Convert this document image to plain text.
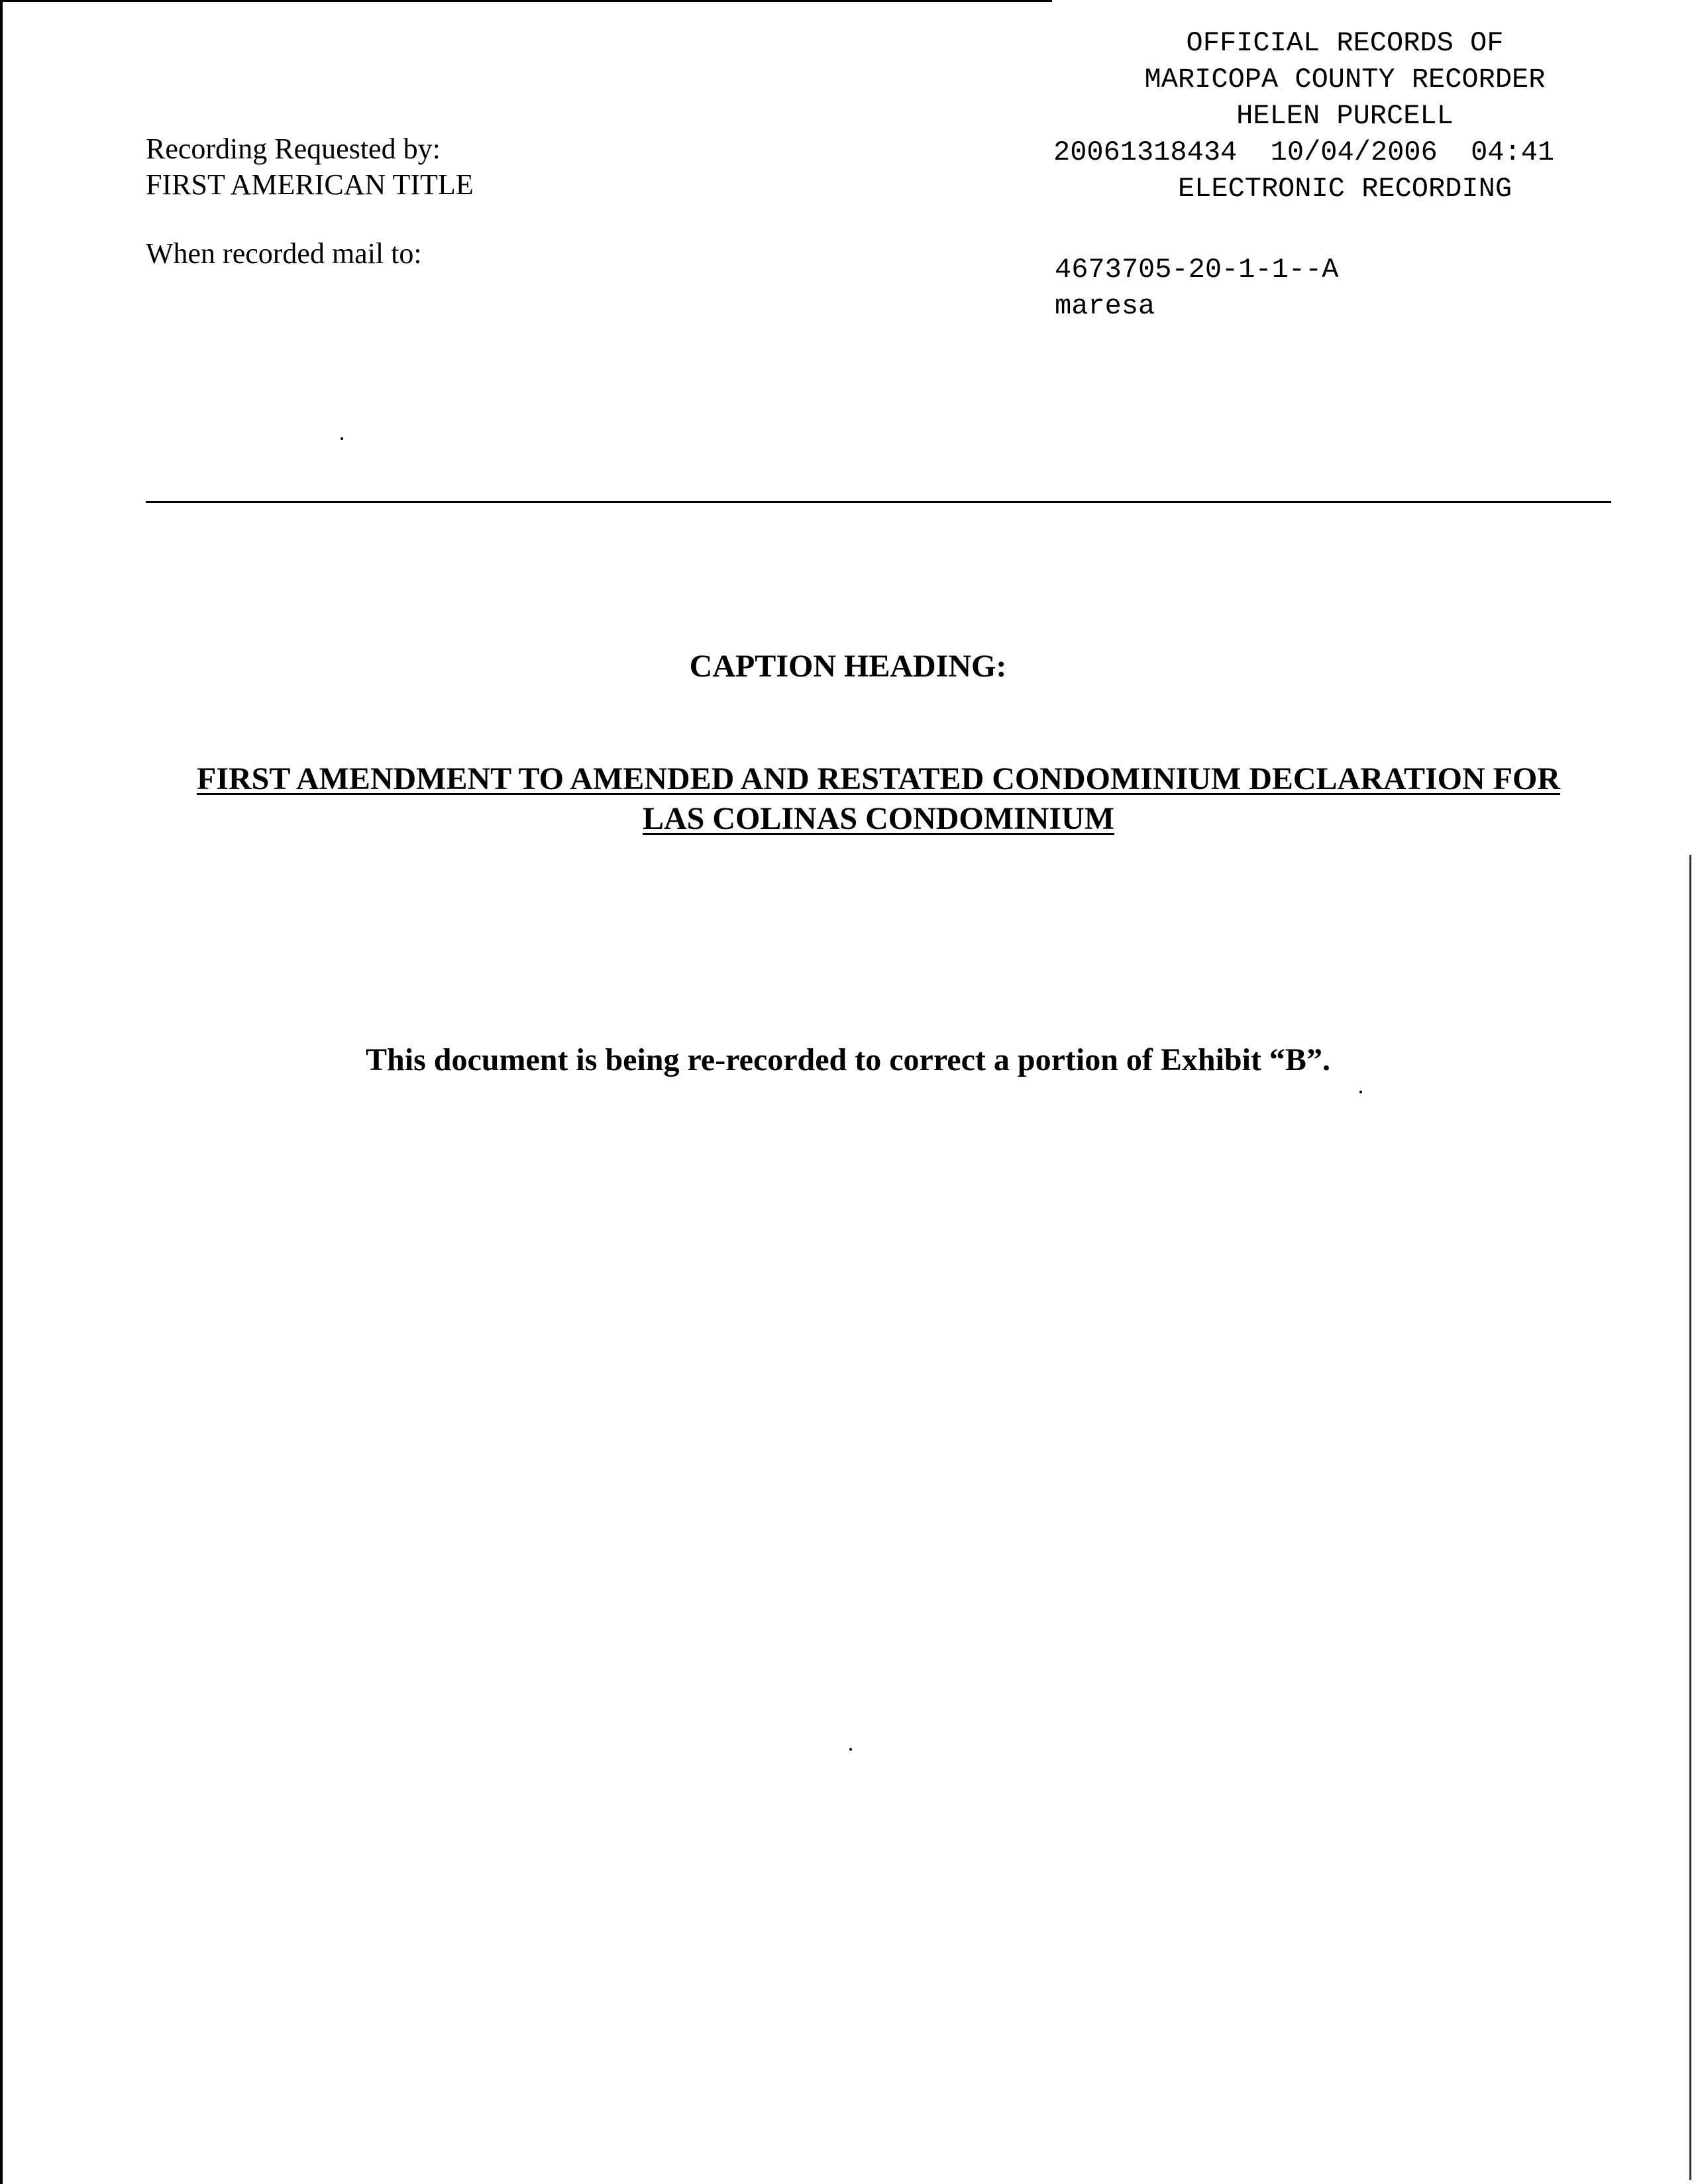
Recording Requested by:
FIRST AMERICAN TITLE
When recorded mail to:
OFFICIAL RECORDS OF
MARICOPA COUNTY RECORDER
HELEN PURCELL
20061318434 10/04/2006 04:41
ELECTRONIC RECORDING
4673705-20-1-1--A
maresa
CAPTION HEADING:
FIRST AMENDMENT TO AMENDED AND RESTATED CONDOMINIUM DECLARATION FOR
LAS COLINAS CONDOMINIUM
This document is being re-recorded to correct a portion of Exhibit “B”.
